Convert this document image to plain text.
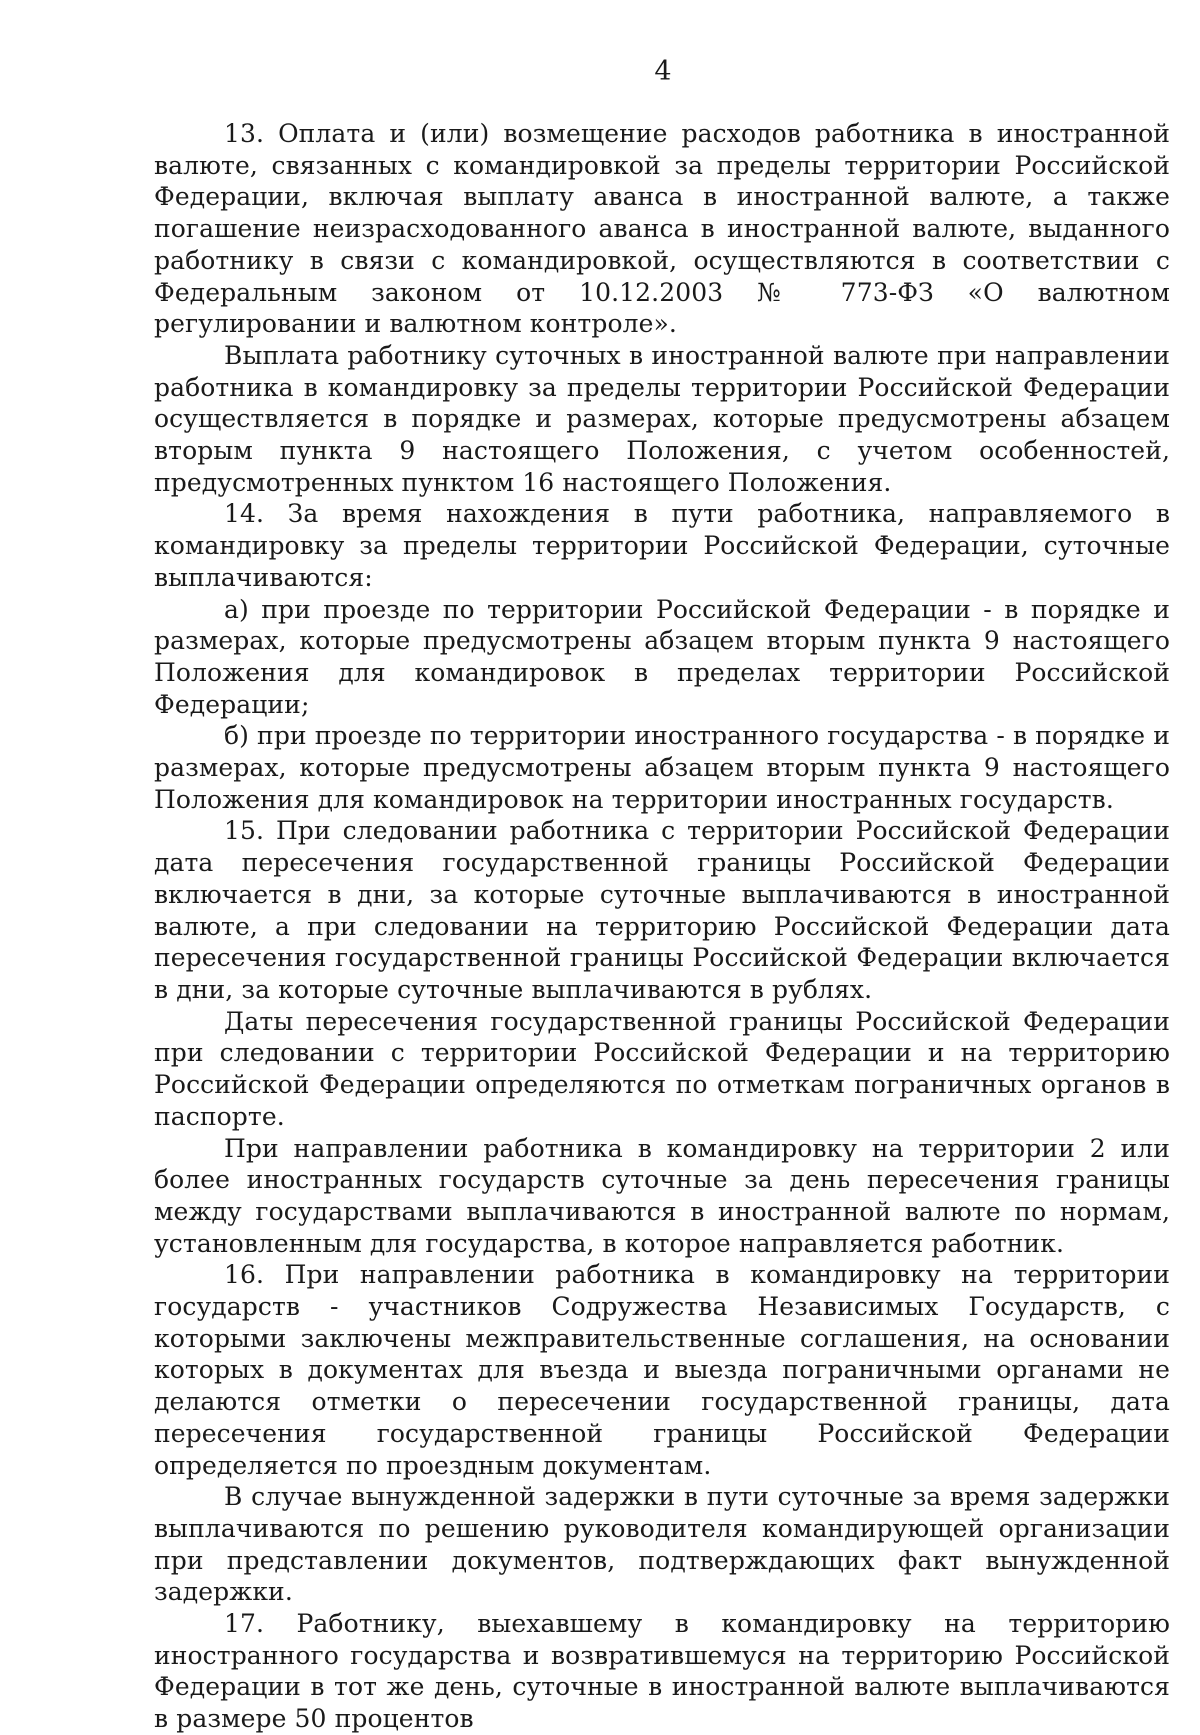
4

13. Оплата и (или) возмещение расходов работника в иностранной валюте, связанных с командировкой за пределы территории Российской Федерации, включая выплату аванса в иностранной валюте, а также погашение неизрасходованного аванса в иностранной валюте, выданного работнику в связи с командировкой, осуществляются в соответствии с Федеральным законом от 10.12.2003 № 773-ФЗ «О валютном регулировании и валютном контроле».

Выплата работнику суточных в иностранной валюте при направлении работника в командировку за пределы территории Российской Федерации осуществляется в порядке и размерах, которые предусмотрены абзацем вторым пункта 9 настоящего Положения, с учетом особенностей, предусмотренных пунктом 16 настоящего Положения.

14. За время нахождения в пути работника, направляемого в командировку за пределы территории Российской Федерации, суточные выплачиваются:

а) при проезде по территории Российской Федерации - в порядке и размерах, которые предусмотрены абзацем вторым пункта 9 настоящего Положения для командировок в пределах территории Российской Федерации;

б) при проезде по территории иностранного государства - в порядке и размерах, которые предусмотрены абзацем вторым пункта 9 настоящего Положения для командировок на территории иностранных государств.

15. При следовании работника с территории Российской Федерации дата пересечения государственной границы Российской Федерации включается в дни, за которые суточные выплачиваются в иностранной валюте, а при следовании на территорию Российской Федерации дата пересечения государственной границы Российской Федерации включается в дни, за которые суточные выплачиваются в рублях.

Даты пересечения государственной границы Российской Федерации при следовании с территории Российской Федерации и на территорию Российской Федерации определяются по отметкам пограничных органов в паспорте.

При направлении работника в командировку на территории 2 или более иностранных государств суточные за день пересечения границы между государствами выплачиваются в иностранной валюте по нормам, установленным для государства, в которое направляется работник.

16. При направлении работника в командировку на территории государств - участников Содружества Независимых Государств, с которыми заключены межправительственные соглашения, на основании которых в документах для въезда и выезда пограничными органами не делаются отметки о пересечении государственной границы, дата пересечения государственной границы Российской Федерации определяется по проездным документам.

В случае вынужденной задержки в пути суточные за время задержки выплачиваются по решению руководителя командирующей организации при представлении документов, подтверждающих факт вынужденной задержки.

17. Работнику, выехавшему в командировку на территорию иностранного государства и возвратившемуся на территорию Российской Федерации в тот же день, суточные в иностранной валюте выплачиваются в размере 50 процентов
